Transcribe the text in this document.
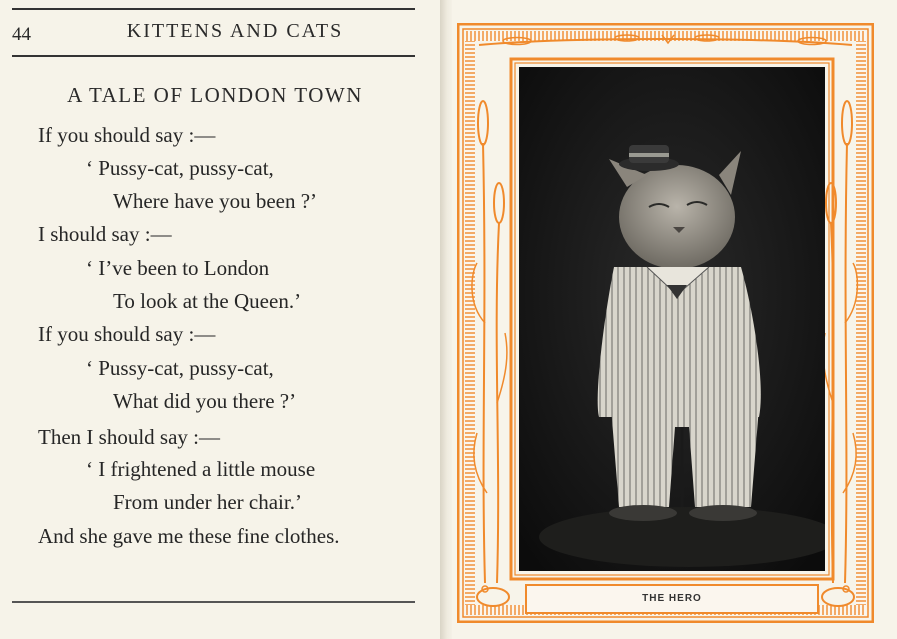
44	KITTENS AND CATS
A TALE OF LONDON TOWN
If you should say :—
‘ Pussy-cat, pussy-cat,
Where have you been ?’
I should say :—
‘ I’ve been to London
To look at the Queen.’
If you should say :—
‘ Pussy-cat, pussy-cat,
What did you there ?’
Then I should say :—
‘ I frightened a little mouse
From under her chair.’
And she gave me these fine clothes.
THE HERO
